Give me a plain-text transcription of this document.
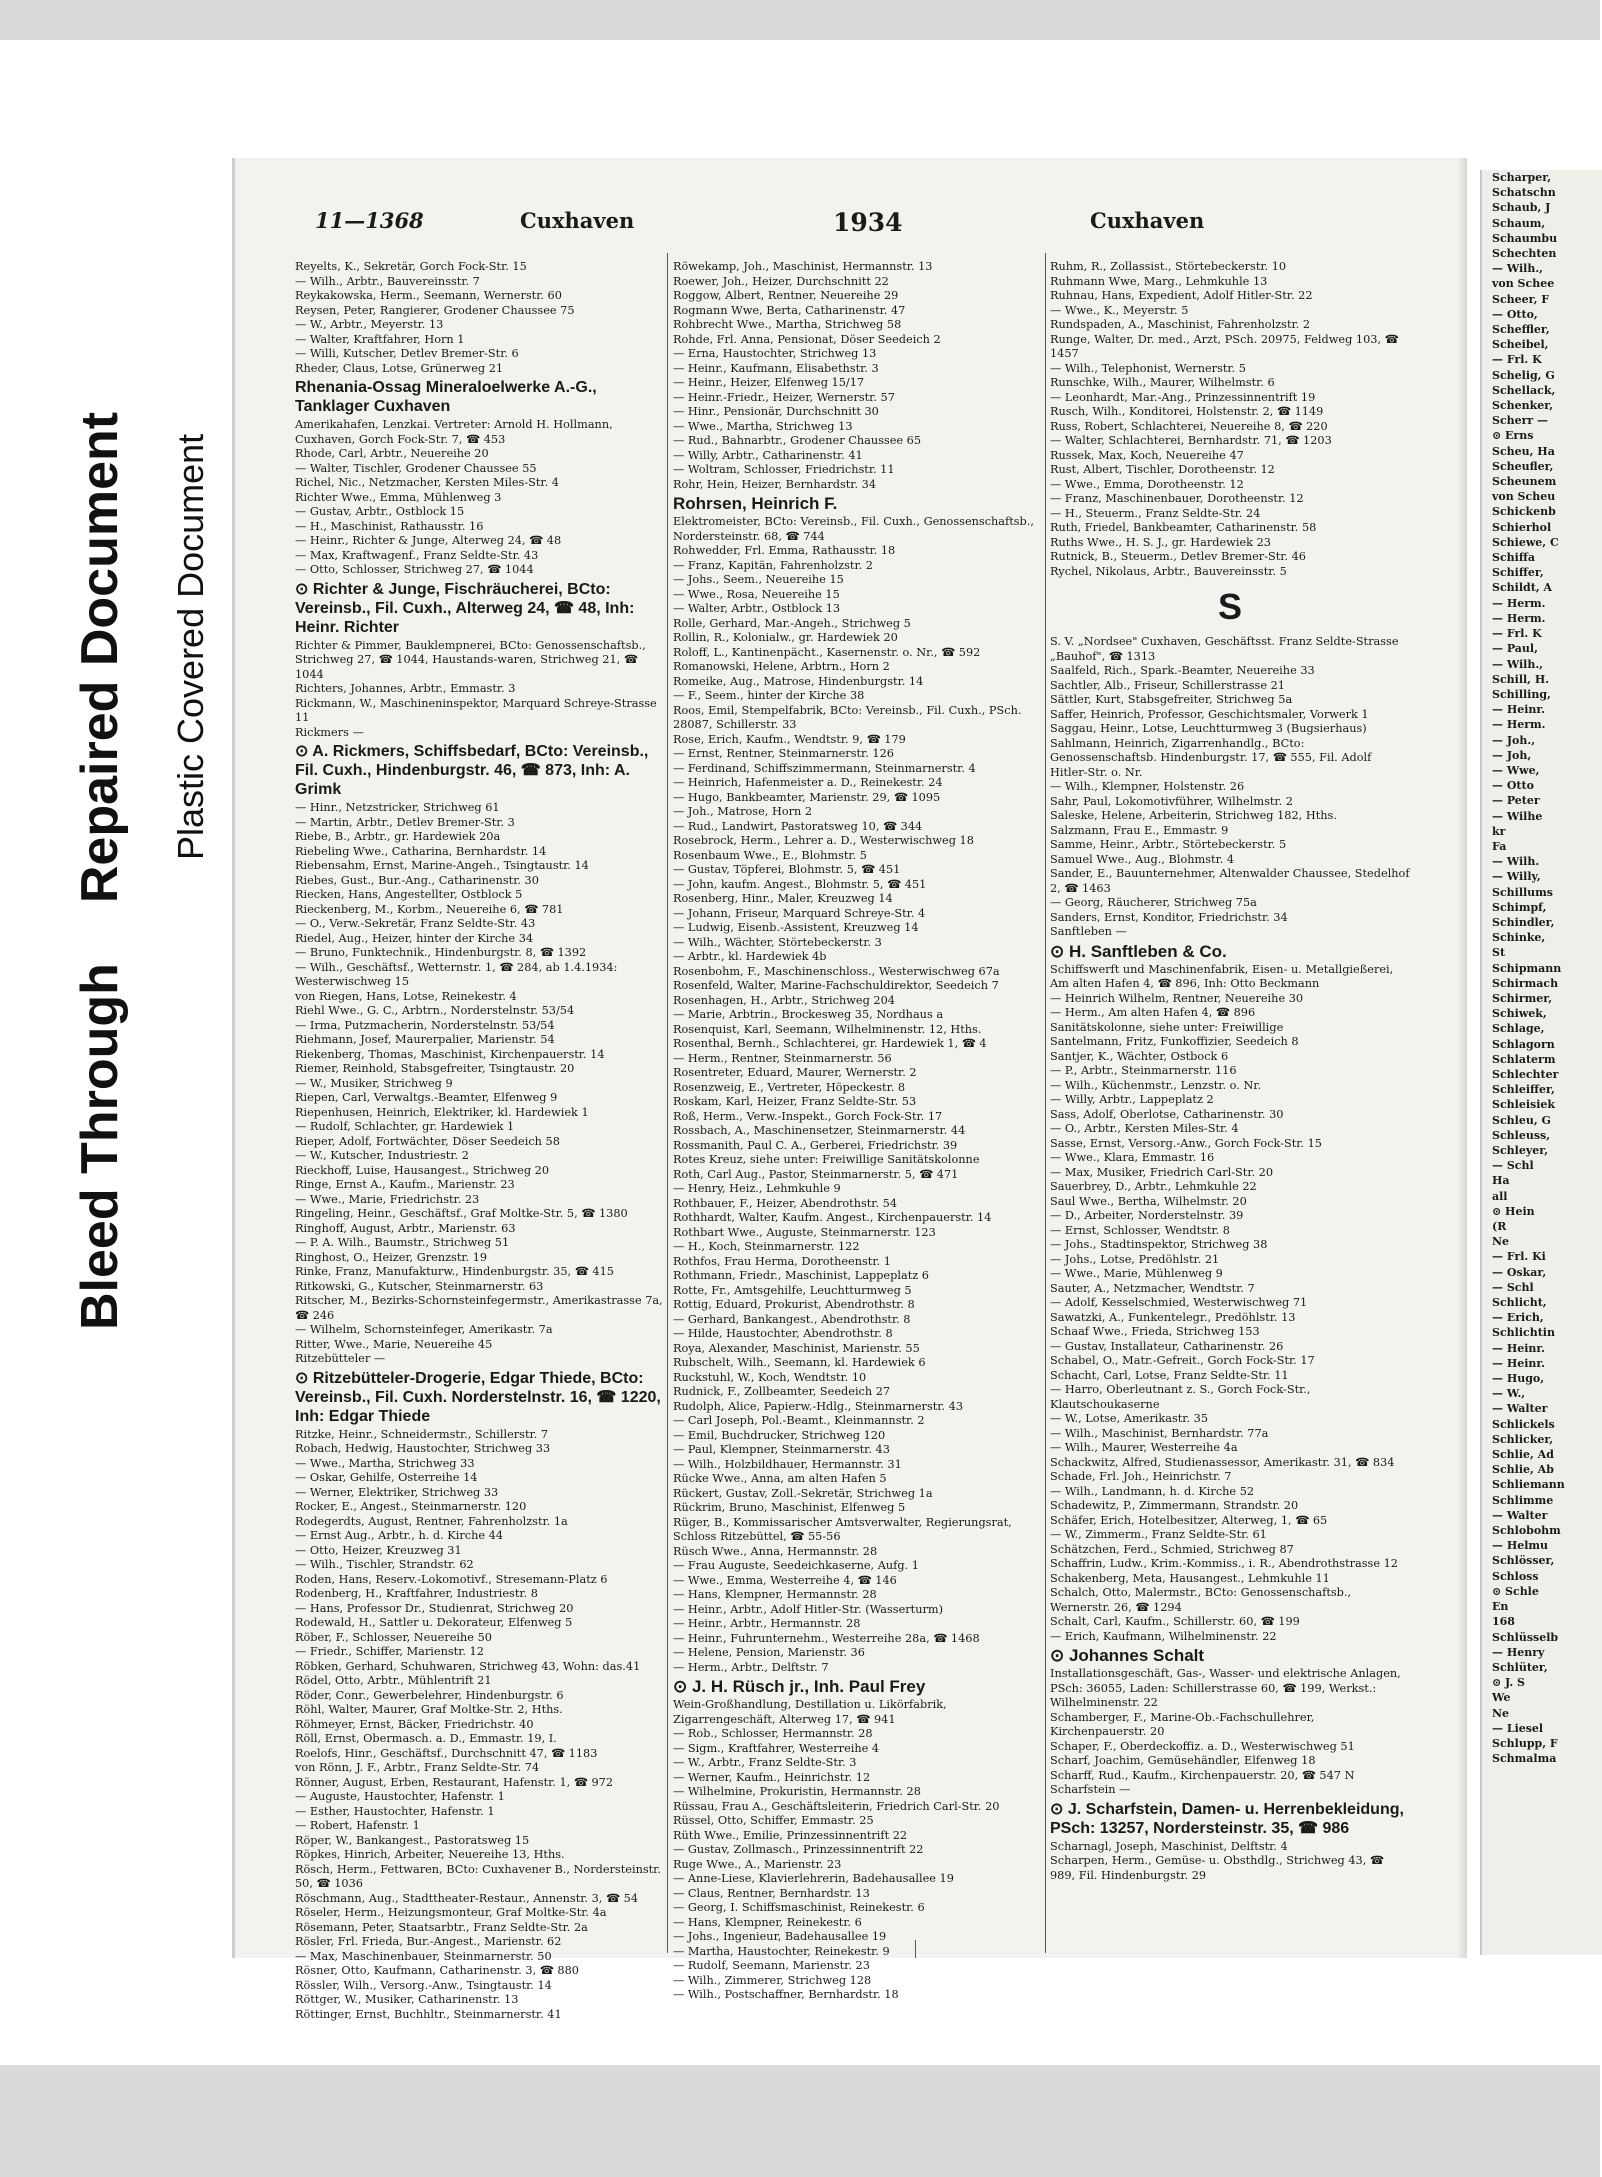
Bleed ThroughRepaired Document Plastic Covered Document
11—1368	Cuxhaven	1934	Cuxhaven
Reyelts, K., Sekretär, Gorch Fock-Str. 15
— Wilh., Arbtr., Bauvereinsstr. 7
Reykakowska, Herm., Seemann, Wernerstr. 60
Reysen, Peter, Rangierer, Grodener Chaussee 75
— W., Arbtr., Meyerstr. 13
— Walter, Kraftfahrer, Horn 1
— Willi, Kutscher, Detlev Bremer-Str. 6
Rheder, Claus, Lotse, Grünerweg 21
Rhenania-Ossag Mineraloelwerke A.-G., Tanklager Cuxhaven
Amerikahafen, Lenzkai. Vertreter: Arnold H. Hollmann, Cuxhaven, Gorch Fock-Str. 7, ☎ 453
Rhode, Carl, Arbtr., Neuereihe 20
— Walter, Tischler, Grodener Chaussee 55
Richel, Nic., Netzmacher, Kersten Miles-Str. 4
Richter Wwe., Emma, Mühlenweg 3
— Gustav, Arbtr., Ostblock 15
— H., Maschinist, Rathausstr. 16
— Heinr., Richter & Junge, Alterweg 24, ☎ 48
— Max, Kraftwagenf., Franz Seldte-Str. 43
— Otto, Schlosser, Strichweg 27, ☎ 1044
⊙ Richter & Junge, Fischräucherei, BCto: Vereinsb., Fil. Cuxh., Alterweg 24, ☎ 48, Inh: Heinr. Richter
Richter & Pimmer, Bauklempnerei, BCto: Genossenschaftsb., Strichweg 27, ☎ 1044, Haustands-waren, Strichweg 21, ☎ 1044
Richters, Johannes, Arbtr., Emmastr. 3
Rickmann, W., Maschineninspektor, Marquard Schreye-Strasse 11
Rickmers —
⊙ A. Rickmers, Schiffsbedarf, BCto: Vereinsb., Fil. Cuxh., Hindenburgstr. 46, ☎ 873, Inh: A. Grimk
— Hinr., Netzstricker, Strichweg 61
— Martin, Arbtr., Detlev Bremer-Str. 3
Riebe, B., Arbtr., gr. Hardewiek 20a
Riebeling Wwe., Catharina, Bernhardstr. 14
Riebensahm, Ernst, Marine-Angeh., Tsingtaustr. 14
Riebes, Gust., Bur.-Ang., Catharinenstr. 30
Riecken, Hans, Angestellter, Ostblock 5
Rieckenberg, M., Korbm., Neuereihe 6, ☎ 781
— O., Verw.-Sekretär, Franz Seldte-Str. 43
Riedel, Aug., Heizer, hinter der Kirche 34
— Bruno, Funktechnik., Hindenburgstr. 8, ☎ 1392
— Wilh., Geschäftsf., Wetternstr. 1, ☎ 284, ab 1.4.1934: Westerwischweg 15
von Riegen, Hans, Lotse, Reinekestr. 4
Riehl Wwe., G. C., Arbtrn., Norderstelnstr. 53/54
— Irma, Putzmacherin, Norderstelnstr. 53/54
Riehmann, Josef, Maurerpalier, Marienstr. 54
Riekenberg, Thomas, Maschinist, Kirchenpauerstr. 14
Riemer, Reinhold, Stabsgefreiter, Tsingtaustr. 20
— W., Musiker, Strichweg 9
Riepen, Carl, Verwaltgs.-Beamter, Elfenweg 9
Riepenhusen, Heinrich, Elektriker, kl. Hardewiek 1
— Rudolf, Schlachter, gr. Hardewiek 1
Rieper, Adolf, Fortwächter, Döser Seedeich 58
— W., Kutscher, Industriestr. 2
Rieckhoff, Luise, Hausangest., Strichweg 20
Ringe, Ernst A., Kaufm., Marienstr. 23
— Wwe., Marie, Friedrichstr. 23
Ringeling, Heinr., Geschäftsf., Graf Moltke-Str. 5, ☎ 1380
Ringhoff, August, Arbtr., Marienstr. 63
— P. A. Wilh., Baumstr., Strichweg 51
Ringhost, O., Heizer, Grenzstr. 19
Rinke, Franz, Manufakturw., Hindenburgstr. 35, ☎ 415
Ritkowski, G., Kutscher, Steinmarnerstr. 63
Ritscher, M., Bezirks-Schornsteinfegermstr., Amerikastrasse 7a, ☎ 246
— Wilhelm, Schornsteinfeger, Amerikastr. 7a
Ritter, Wwe., Marie, Neuereihe 45
Ritzebütteler —
⊙ Ritzebütteler-Drogerie, Edgar Thiede, BCto: Vereinsb., Fil. Cuxh. Norderstelnstr. 16, ☎ 1220, Inh: Edgar Thiede
Ritzke, Heinr., Schneidermstr., Schillerstr. 7
Robach, Hedwig, Haustochter, Strichweg 33
— Wwe., Martha, Strichweg 33
— Oskar, Gehilfe, Osterreihe 14
— Werner, Elektriker, Strichweg 33
Rocker, E., Angest., Steinmarnerstr. 120
Rodegerdts, August, Rentner, Fahrenholzstr. 1a
— Ernst Aug., Arbtr., h. d. Kirche 44
— Otto, Heizer, Kreuzweg 31
— Wilh., Tischler, Strandstr. 62
Roden, Hans, Reserv.-Lokomotivf., Stresemann-Platz 6
Rodenberg, H., Kraftfahrer, Industriestr. 8
— Hans, Professor Dr., Studienrat, Strichweg 20
Rodewald, H., Sattler u. Dekorateur, Elfenweg 5
Röber, F., Schlosser, Neuereihe 50
— Friedr., Schiffer, Marienstr. 12
Röbken, Gerhard, Schuhwaren, Strichweg 43, Wohn: das.41
Rödel, Otto, Arbtr., Mühlentrift 21
Röder, Conr., Gewerbelehrer, Hindenburgstr. 6
Röhl, Walter, Maurer, Graf Moltke-Str. 2, Hths.
Röhmeyer, Ernst, Bäcker, Friedrichstr. 40
Röll, Ernst, Obermasch. a. D., Emmastr. 19, I.
Roelofs, Hinr., Geschäftsf., Durchschnitt 47, ☎ 1183
von Rönn, J. F., Arbtr., Franz Seldte-Str. 74
Rönner, August, Erben, Restaurant, Hafenstr. 1, ☎ 972
— Auguste, Haustochter, Hafenstr. 1
— Esther, Haustochter, Hafenstr. 1
— Robert, Hafenstr. 1
Röper, W., Bankangest., Pastoratsweg 15
Röpkes, Hinrich, Arbeiter, Neuereihe 13, Hths.
Rösch, Herm., Fettwaren, BCto: Cuxhavener B., Nordersteinstr. 50, ☎ 1036
Röschmann, Aug., Stadttheater-Restaur., Annenstr. 3, ☎ 54
Röseler, Herm., Heizungsmonteur, Graf Moltke-Str. 4a
Rösemann, Peter, Staatsarbtr., Franz Seldte-Str. 2a
Rösler, Frl. Frieda, Bur.-Angest., Marienstr. 62
— Max, Maschinenbauer, Steinmarnerstr. 50
Rösner, Otto, Kaufmann, Catharinenstr. 3, ☎ 880
Rössler, Wilh., Versorg.-Anw., Tsingtaustr. 14
Röttger, W., Musiker, Catharinenstr. 13
Röttinger, Ernst, Buchhltr., Steinmarnerstr. 41
Röwekamp, Joh., Maschinist, Hermannstr. 13
Roewer, Joh., Heizer, Durchschnitt 22
Roggow, Albert, Rentner, Neuereihe 29
Rogmann Wwe, Berta, Catharinenstr. 47
Rohbrecht Wwe., Martha, Strichweg 58
Rohde, Frl. Anna, Pensionat, Döser Seedeich 2
— Erna, Haustochter, Strichweg 13
— Heinr., Kaufmann, Elisabethstr. 3
— Heinr., Heizer, Elfenweg 15/17
— Heinr.-Friedr., Heizer, Wernerstr. 57
— Hinr., Pensionär, Durchschnitt 30
— Wwe., Martha, Strichweg 13
— Rud., Bahnarbtr., Grodener Chaussee 65
— Willy, Arbtr., Catharinenstr. 41
— Woltram, Schlosser, Friedrichstr. 11
Rohr, Hein, Heizer, Bernhardstr. 34
Rohrsen, Heinrich F.
Elektromeister, BCto: Vereinsb., Fil. Cuxh., Genossenschaftsb., Nordersteinstr. 68, ☎ 744
Rohwedder, Frl. Emma, Rathausstr. 18
— Franz, Kapitän, Fahrenholzstr. 2
— Johs., Seem., Neuereihe 15
— Wwe., Rosa, Neuereihe 15
— Walter, Arbtr., Ostblock 13
Rolle, Gerhard, Mar.-Angeh., Strichweg 5
Rollin, R., Kolonialw., gr. Hardewiek 20
Roloff, L., Kantinenpächt., Kasernenstr. o. Nr., ☎ 592
Romanowski, Helene, Arbtrn., Horn 2
Romeike, Aug., Matrose, Hindenburgstr. 14
— F., Seem., hinter der Kirche 38
Roos, Emil, Stempelfabrik, BCto: Vereinsb., Fil. Cuxh., PSch. 28087, Schillerstr. 33
Rose, Erich, Kaufm., Wendtstr. 9, ☎ 179
— Ernst, Rentner, Steinmarnerstr. 126
— Ferdinand, Schiffszimmermann, Steinmarnerstr. 4
— Heinrich, Hafenmeister a. D., Reinekestr. 24
— Hugo, Bankbeamter, Marienstr. 29, ☎ 1095
— Joh., Matrose, Horn 2
— Rud., Landwirt, Pastoratsweg 10, ☎ 344
Rosebrock, Herm., Lehrer a. D., Westerwischweg 18
Rosenbaum Wwe., E., Blohmstr. 5
— Gustav, Töpferei, Blohmstr. 5, ☎ 451
— John, kaufm. Angest., Blohmstr. 5, ☎ 451
Rosenberg, Hinr., Maler, Kreuzweg 14
— Johann, Friseur, Marquard Schreye-Str. 4
— Ludwig, Eisenb.-Assistent, Kreuzweg 14
— Wilh., Wächter, Störtebeckerstr. 3
— Arbtr., kl. Hardewiek 4b
Rosenbohm, F., Maschinenschloss., Westerwischweg 67a
Rosenfeld, Walter, Marine-Fachschuldirektor, Seedeich 7
Rosenhagen, H., Arbtr., Strichweg 204
— Marie, Arbtrin., Brockesweg 35, Nordhaus a
Rosenquist, Karl, Seemann, Wilhelminenstr. 12, Hths.
Rosenthal, Bernh., Schlachterei, gr. Hardewiek 1, ☎ 4
— Herm., Rentner, Steinmarnerstr. 56
Rosentreter, Eduard, Maurer, Wernerstr. 2
Rosenzweig, E., Vertreter, Höpeckestr. 8
Roskam, Karl, Heizer, Franz Seldte-Str. 53
Roß, Herm., Verw.-Inspekt., Gorch Fock-Str. 17
Rossbach, A., Maschinensetzer, Steinmarnerstr. 44
Rossmanith, Paul C. A., Gerberei, Friedrichstr. 39
Rotes Kreuz, siehe unter: Freiwillige Sanitätskolonne
Roth, Carl Aug., Pastor, Steinmarnerstr. 5, ☎ 471
— Henry, Heiz., Lehmkuhle 9
Rothbauer, F., Heizer, Abendrothstr. 54
Rothhardt, Walter, Kaufm. Angest., Kirchenpauerstr. 14
Rothbart Wwe., Auguste, Steinmarnerstr. 123
— H., Koch, Steinmarnerstr. 122
Rothfos, Frau Herma, Dorotheenstr. 1
Rothmann, Friedr., Maschinist, Lappeplatz 6
Rotte, Fr., Amtsgehilfe, Leuchtturmweg 5
Rottig, Eduard, Prokurist, Abendrothstr. 8
— Gerhard, Bankangest., Abendrothstr. 8
— Hilde, Haustochter, Abendrothstr. 8
Roya, Alexander, Maschinist, Marienstr. 55
Rubschelt, Wilh., Seemann, kl. Hardewiek 6
Ruckstuhl, W., Koch, Wendtstr. 10
Rudnick, F., Zollbeamter, Seedeich 27
Rudolph, Alice, Papierw.-Hdlg., Steinmarnerstr. 43
— Carl Joseph, Pol.-Beamt., Kleinmannstr. 2
— Emil, Buchdrucker, Strichweg 120
— Paul, Klempner, Steinmarnerstr. 43
— Wilh., Holzbildhauer, Hermannstr. 31
Rücke Wwe., Anna, am alten Hafen 5
Rückert, Gustav, Zoll.-Sekretär, Strichweg 1a
Rückrim, Bruno, Maschinist, Elfenweg 5
Rüger, B., Kommissarischer Amtsverwalter, Regierungsrat, Schloss Ritzebüttel, ☎ 55-56
Rüsch Wwe., Anna, Hermannstr. 28
— Frau Auguste, Seedeichkaserne, Aufg. 1
— Wwe., Emma, Westerreihe 4, ☎ 146
— Hans, Klempner, Hermannstr. 28
— Heinr., Arbtr., Adolf Hitler-Str. (Wasserturm)
— Heinr., Arbtr., Hermannstr. 28
— Heinr., Fuhrunternehm., Westerreihe 28a, ☎ 1468
— Helene, Pension, Marienstr. 36
— Herm., Arbtr., Delftstr. 7
⊙ J. H. Rüsch jr., Inh. Paul Frey
Wein-Großhandlung, Destillation u. Likörfabrik, Zigarrengeschäft, Alterweg 17, ☎ 941
— Rob., Schlosser, Hermannstr. 28
— Sigm., Kraftfahrer, Westerreihe 4
— W., Arbtr., Franz Seldte-Str. 3
— Werner, Kaufm., Heinrichstr. 12
— Wilhelmine, Prokuristin, Hermannstr. 28
Rüssau, Frau A., Geschäftsleiterin, Friedrich Carl-Str. 20
Rüssel, Otto, Schiffer, Emmastr. 25
Rüth Wwe., Emilie, Prinzessinnentrift 22
— Gustav, Zollmasch., Prinzessinnentrift 22
Ruge Wwe., A., Marienstr. 23
— Anne-Liese, Klavierlehrerin, Badehausallee 19
— Claus, Rentner, Bernhardstr. 13
— Georg, I. Schiffsmaschinist, Reinekestr. 6
— Hans, Klempner, Reinekestr. 6
— Johs., Ingenieur, Badehausallee 19
— Martha, Haustochter, Reinekestr. 9
— Rudolf, Seemann, Marienstr. 23
— Wilh., Zimmerer, Strichweg 128
— Wilh., Postschaffner, Bernhardstr. 18
Ruhm, R., Zollassist., Störtebeckerstr. 10
Ruhmann Wwe, Marg., Lehmkuhle 13
Ruhnau, Hans, Expedient, Adolf Hitler-Str. 22
— Wwe., K., Meyerstr. 5
Rundspaden, A., Maschinist, Fahrenholzstr. 2
Runge, Walter, Dr. med., Arzt, PSch. 20975, Feldweg 103, ☎ 1457
— Wilh., Telephonist, Wernerstr. 5
Runschke, Wilh., Maurer, Wilhelmstr. 6
— Leonhardt, Mar.-Ang., Prinzessinnentrift 19
Rusch, Wilh., Konditorei, Holstenstr. 2, ☎ 1149
Russ, Robert, Schlachterei, Neuereihe 8, ☎ 220
— Walter, Schlachterei, Bernhardstr. 71, ☎ 1203
Russek, Max, Koch, Neuereihe 47
Rust, Albert, Tischler, Dorotheenstr. 12
— Wwe., Emma, Dorotheenstr. 12
— Franz, Maschinenbauer, Dorotheenstr. 12
— H., Steuerm., Franz Seldte-Str. 24
Ruth, Friedel, Bankbeamter, Catharinenstr. 58
Ruths Wwe., H. S. J., gr. Hardewiek 23
Rutnick, B., Steuerm., Detlev Bremer-Str. 46
Rychel, Nikolaus, Arbtr., Bauvereinsstr. 5
S
S. V. „Nordsee" Cuxhaven, Geschäftsst. Franz Seldte-Strasse „Bauhof", ☎ 1313
Saalfeld, Rich., Spark.-Beamter, Neuereihe 33
Sachtler, Alb., Friseur, Schillerstrasse 21
Sättler, Kurt, Stabsgefreiter, Strichweg 5a
Saffer, Heinrich, Professor, Geschichtsmaler, Vorwerk 1
Saggau, Heinr., Lotse, Leuchtturmweg 3 (Bugsierhaus)
Sahlmann, Heinrich, Zigarrenhandlg., BCto: Genossenschaftsb. Hindenburgstr. 17, ☎ 555, Fil. Adolf Hitler-Str. o. Nr.
— Wilh., Klempner, Holstenstr. 26
Sahr, Paul, Lokomotivführer, Wilhelmstr. 2
Saleske, Helene, Arbeiterin, Strichweg 182, Hths.
Salzmann, Frau E., Emmastr. 9
Samme, Heinr., Arbtr., Störtebeckerstr. 5
Samuel Wwe., Aug., Blohmstr. 4
Sander, E., Bauunternehmer, Altenwalder Chaussee, Stedelhof 2, ☎ 1463
— Georg, Räucherer, Strichweg 75a
Sanders, Ernst, Konditor, Friedrichstr. 34
Sanftleben —
⊙ H. Sanftleben & Co.
Schiffswerft und Maschinenfabrik, Eisen- u. Metallgießerei, Am alten Hafen 4, ☎ 896, Inh: Otto Beckmann
— Heinrich Wilhelm, Rentner, Neuereihe 30
— Herm., Am alten Hafen 4, ☎ 896
Sanitätskolonne, siehe unter: Freiwillige
Santelmann, Fritz, Funkoffizier, Seedeich 8
Santjer, K., Wächter, Ostbock 6
— P., Arbtr., Steinmarnerstr. 116
— Wilh., Küchenmstr., Lenzstr. o. Nr.
— Willy, Arbtr., Lappeplatz 2
Sass, Adolf, Oberlotse, Catharinenstr. 30
— O., Arbtr., Kersten Miles-Str. 4
Sasse, Ernst, Versorg.-Anw., Gorch Fock-Str. 15
— Wwe., Klara, Emmastr. 16
— Max, Musiker, Friedrich Carl-Str. 20
Sauerbrey, D., Arbtr., Lehmkuhle 22
Saul Wwe., Bertha, Wilhelmstr. 20
— D., Arbeiter, Norderstelnstr. 39
— Ernst, Schlosser, Wendtstr. 8
— Johs., Stadtinspektor, Strichweg 38
— Johs., Lotse, Predöhlstr. 21
— Wwe., Marie, Mühlenweg 9
Sauter, A., Netzmacher, Wendtstr. 7
— Adolf, Kesselschmied, Westerwischweg 71
Sawatzki, A., Funkentelegr., Predöhlstr. 13
Schaaf Wwe., Frieda, Strichweg 153
— Gustav, Installateur, Catharinenstr. 26
Schabel, O., Matr.-Gefreit., Gorch Fock-Str. 17
Schacht, Carl, Lotse, Franz Seldte-Str. 11
— Harro, Oberleutnant z. S., Gorch Fock-Str., Klautschoukaserne
— W., Lotse, Amerikastr. 35
— Wilh., Maschinist, Bernhardstr. 77a
— Wilh., Maurer, Westerreihe 4a
Schackwitz, Alfred, Studienassessor, Amerikastr. 31, ☎ 834
Schade, Frl. Joh., Heinrichstr. 7
— Wilh., Landmann, h. d. Kirche 52
Schadewitz, P., Zimmermann, Strandstr. 20
Schäfer, Erich, Hotelbesitzer, Alterweg, 1, ☎ 65
— W., Zimmerm., Franz Seldte-Str. 61
Schätzchen, Ferd., Schmied, Strichweg 87
Schaffrin, Ludw., Krim.-Kommiss., i. R., Abendrothstrasse 12
Schakenberg, Meta, Hausangest., Lehmkuhle 11
Schalch, Otto, Malermstr., BCto: Genossenschaftsb., Wernerstr. 26, ☎ 1294
Schalt, Carl, Kaufm., Schillerstr. 60, ☎ 199
— Erich, Kaufmann, Wilhelminenstr. 22
⊙ Johannes Schalt
Installationsgeschäft, Gas-, Wasser- und elektrische Anlagen, PSch: 36055, Laden: Schillerstrasse 60, ☎ 199, Werkst.: Wilhelminenstr. 22
Schamberger, F., Marine-Ob.-Fachschullehrer, Kirchenpauerstr. 20
Schaper, F., Oberdeckoffiz. a. D., Westerwischweg 51
Scharf, Joachim, Gemüsehändler, Elfenweg 18
Scharff, Rud., Kaufm., Kirchenpauerstr. 20, ☎ 547 N
Scharfstein —
⊙ J. Scharfstein, Damen- u. Herrenbekleidung, PSch: 13257, Nordersteinstr. 35, ☎ 986
Scharnagl, Joseph, Maschinist, Delftstr. 4
Scharpen, Herm., Gemüse- u. Obsthdlg., Strichweg 43, ☎ 989, Fil. Hindenburgstr. 29
Scharper,
Schatschn
Schaub, J
Schaum,
Schaumbu
Schechten
— Wilh.,
von Schee
Scheer, F
— Otto,
Scheffler,
Scheibel,
— Frl. K
Schelig, G
Schellack,
Schenker,
Scherr —
⊙ Erns
Scheu, Ha
Scheufler,
Scheunem
von Scheu
Schickenb
Schierhol
Schiewe, C
Schiffa
Schiffer,
Schildt, A
— Herm.
— Herm.
— Frl. K
— Paul,
— Wilh.,
Schill, H.
Schilling,
— Heinr.
— Herm.
— Joh.,
— Joh,
— Wwe,
— Otto
— Peter
— Wilhe
kr
Fa
— Wilh.
— Willy,
Schillums
Schimpf,
Schindler,
Schinke,
St
Schipmann
Schirmach
Schirmer,
Schiwek,
Schlage,
Schlagorn
Schlaterm
Schlechter
Schleiffer,
Schleisiek
Schleu, G
Schleuss,
Schleyer,
— Schl
Ha
all
⊙ Hein
(R
Ne
— Frl. Ki
— Oskar,
— Schl
Schlicht,
— Erich,
Schlichtin
— Heinr.
— Heinr.
— Hugo,
— W.,
— Walter
Schlickels
Schlicker,
Schlie, Ad
Schlie, Ab
Schliemann
Schlimme
— Walter
Schlobohm
— Helmu
Schlösser,
Schloss
⊙ Schle
En
168
Schlüsselb
— Henry
Schlüter,
⊙ J. S
We
Ne
— Liesel
Schlupp, F
Schmalma
